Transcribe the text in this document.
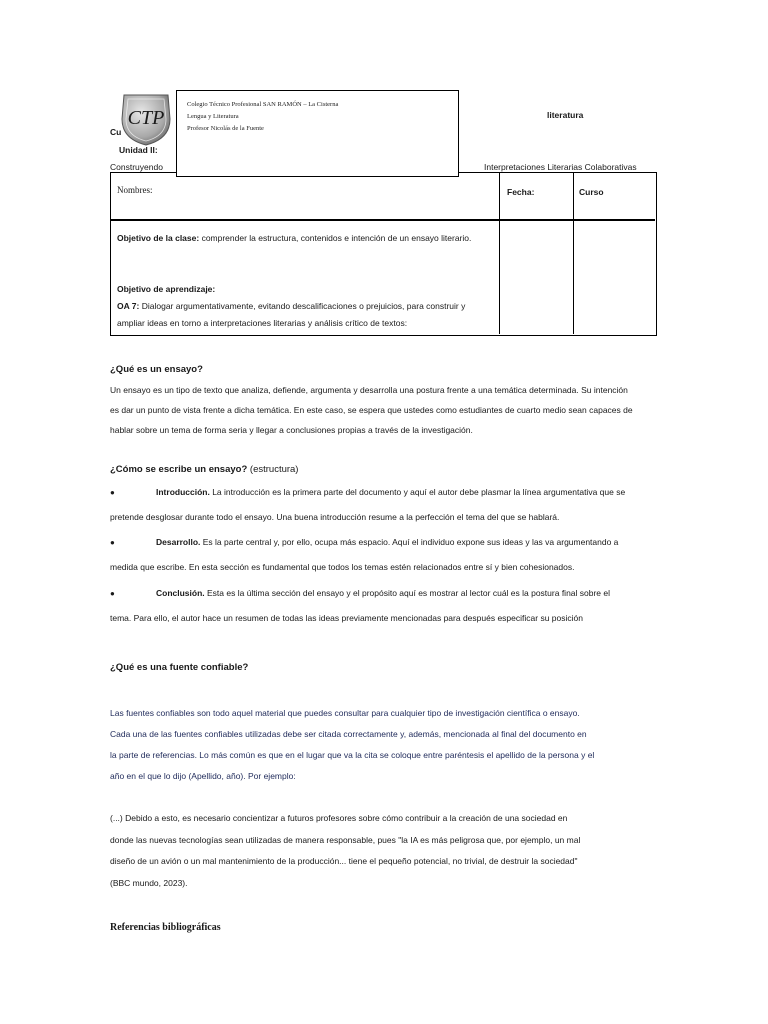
Cu
literatura
Unidad II:
Construyendo	Interpretaciones Literarias Colaborativas
Nombres:	Fecha:	Curso
Objetivo de la clase: comprender la estructura, contenidos e intención de un ensayo literario.
Objetivo de aprendizaje:
OA 7: Dialogar argumentativamente, evitando descalificaciones o prejuicios, para construir y
ampliar ideas en torno a interpretaciones literarias y análisis crítico de textos:
CTP
Colegio Técnico Profesional SAN RAMÓN – La Cisterna
Lengua y Literatura
Profesor Nicolás de la Fuente
¿Qué es un ensayo?
Un ensayo es un tipo de texto que analiza, defiende, argumenta y desarrolla una postura frente a una temática determinada. Su intención
es dar un punto de vista frente a dicha temática. En este caso, se espera que ustedes como estudiantes de cuarto medio sean capaces de
hablar sobre un tema de forma seria y llegar a conclusiones propias a través de la investigación.
¿Cómo se escribe un ensayo? (estructura)
●	Introducción. La introducción es la primera parte del documento y aquí el autor debe plasmar la línea argumentativa que se
pretende desglosar durante todo el ensayo. Una buena introducción resume a la perfección el tema del que se hablará.
●	Desarrollo. Es la parte central y, por ello, ocupa más espacio. Aquí el individuo expone sus ideas y las va argumentando a
medida que escribe. En esta sección es fundamental que todos los temas estén relacionados entre sí y bien cohesionados.
●	Conclusión. Esta es la última sección del ensayo y el propósito aquí es mostrar al lector cuál es la postura final sobre el
tema. Para ello, el autor hace un resumen de todas las ideas previamente mencionadas para después especificar su posición
¿Qué es una fuente confiable?
Las fuentes confiables son todo aquel material que puedes consultar para cualquier tipo de investigación científica o ensayo.
Cada una de las fuentes confiables utilizadas debe ser citada correctamente y, además, mencionada al final del documento en
la parte de referencias. Lo más común es que en el lugar que va la cita se coloque entre paréntesis el apellido de la persona y el
año en el que lo dijo (Apellido, año). Por ejemplo:
(...) Debido a esto, es necesario concientizar a futuros profesores sobre cómo contribuir a la creación de una sociedad en
donde las nuevas tecnologías sean utilizadas de manera responsable, pues "la IA es más peligrosa que, por ejemplo, un mal
diseño de un avión o un mal mantenimiento de la producción... tiene el pequeño potencial, no trivial, de destruir la sociedad"
(BBC mundo, 2023).
Referencias bibliográficas
